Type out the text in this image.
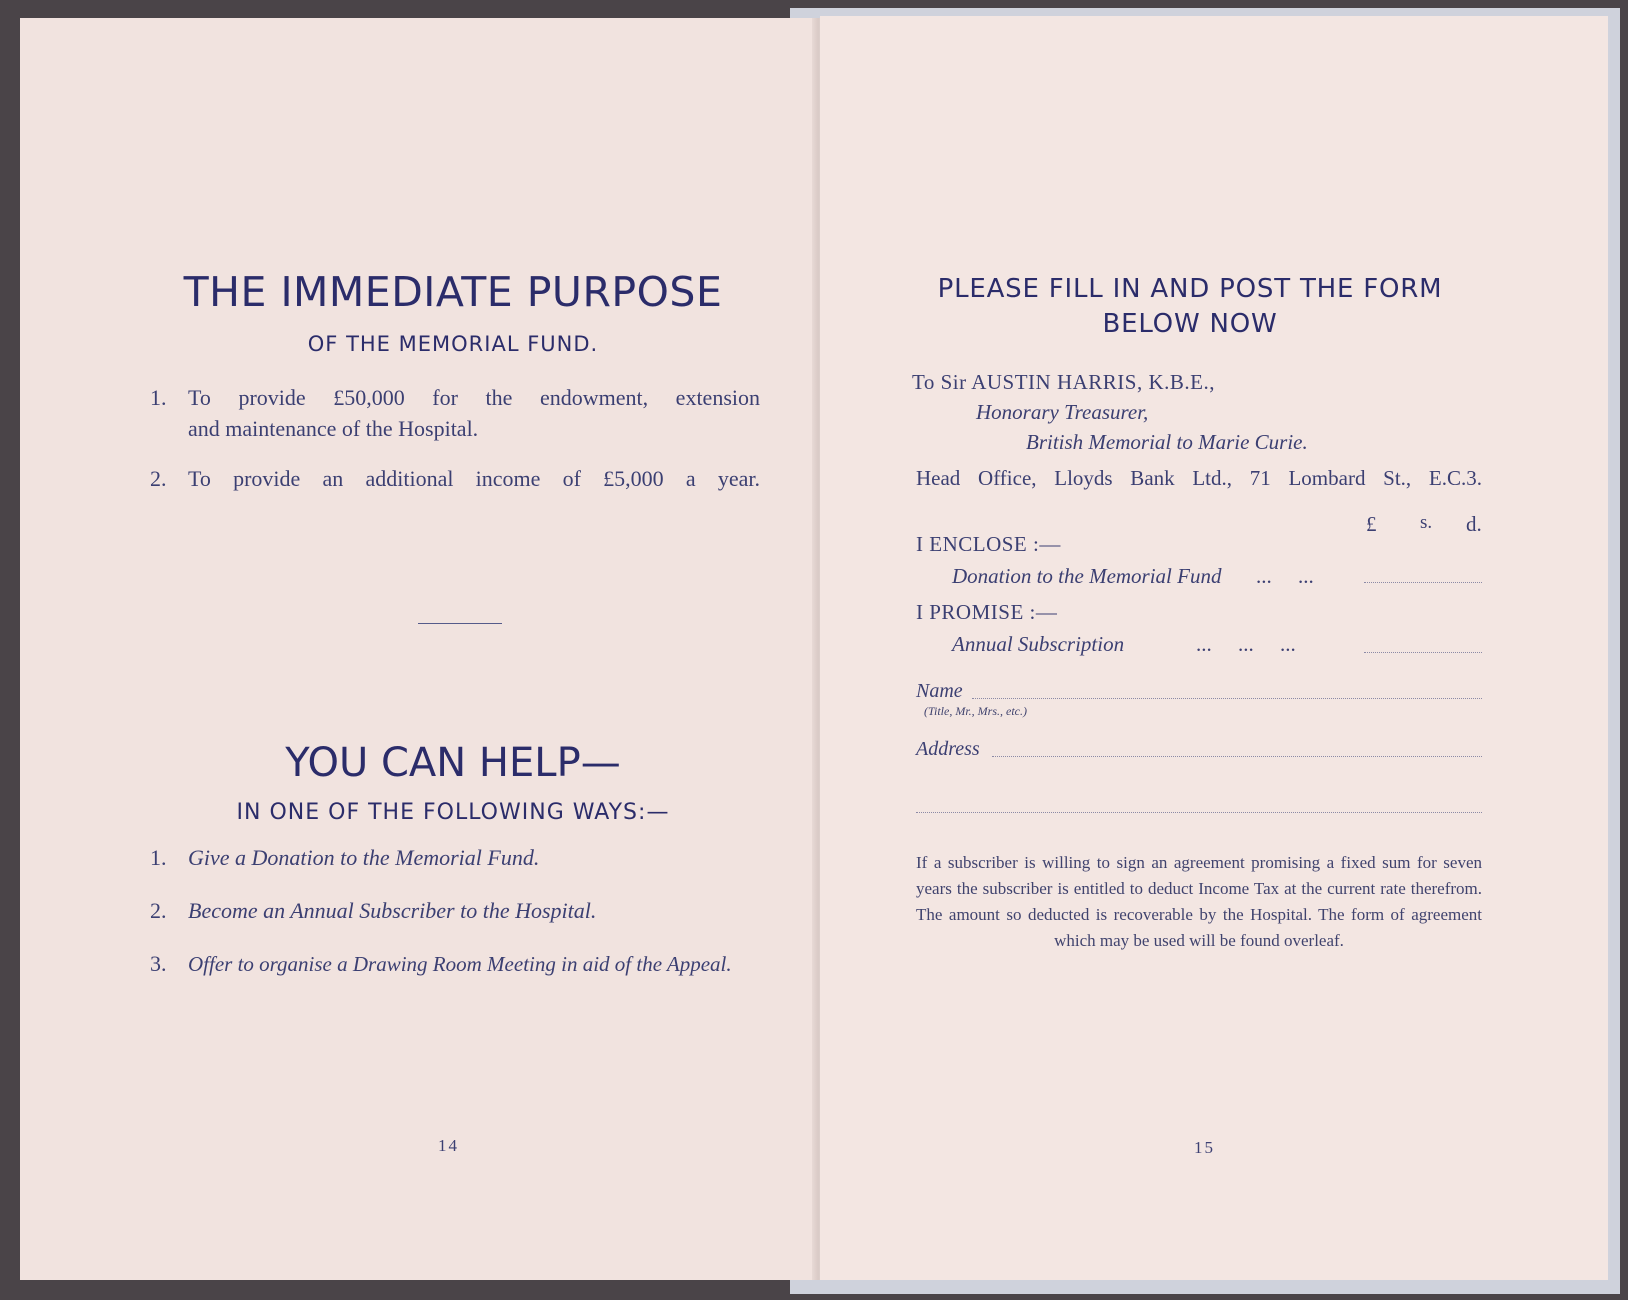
THE IMMEDIATE PURPOSE
OF THE MEMORIAL FUND.
1. To provide £50,000 for the endowment, extension
and maintenance of the Hospital.
2. To provide an additional income of £5,000 a year.
YOU CAN HELP—
IN ONE OF THE FOLLOWING WAYS:—
1. Give a Donation to the Memorial Fund.
2. Become an Annual Subscriber to the Hospital.
3. Offer to organise a Drawing Room Meeting in aid of the Appeal.
14
PLEASE FILL IN AND POST THE FORM
BELOW NOW
To Sir AUSTIN HARRIS, K.B.E.,
Honorary Treasurer,
British Memorial to Marie Curie.
Head Office, Lloyds Bank Ltd., 71 Lombard St., E.C.3.
£ s. d.
I ENCLOSE :—
Donation to the Memorial Fund ...     ...
I PROMISE :—
Annual Subscription	...     ...     ...
Name
(Title, Mr., Mrs., etc.)
Address
If a subscriber is willing to sign an agreement promising a fixed sum for seven years the subscriber is entitled to deduct Income Tax at the current rate therefrom. The amount so deducted is recoverable by the Hospital. The form of agreement which may be used will be found overleaf.
15
